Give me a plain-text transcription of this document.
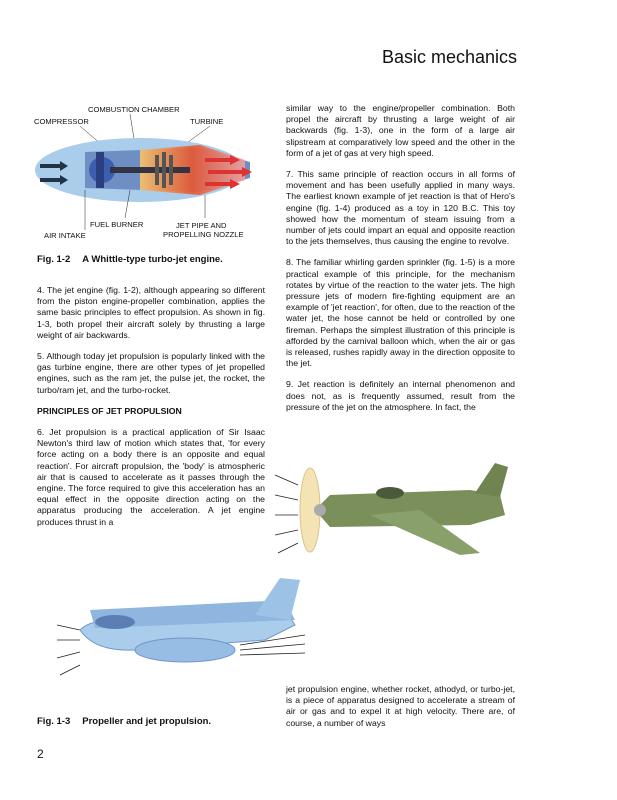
Basic mechanics
COMBUSTION CHAMBER
COMPRESSOR	TURBINE
FUEL BURNER	JET PIPE AND
AIR INTAKE	PROPELLING NOZZLE
Fig. 1-2 A Whittle-type turbo-jet engine.

4. The jet engine (fig. 1-2), although appearing so different from the piston engine-propeller combination, applies the same basic principles to effect propulsion. As shown in fig. 1-3, both propel their aircraft solely by thrusting a large weight of air backwards.

5. Although today jet propulsion is popularly linked with the gas turbine engine, there are other types of jet propelled engines, such as the ram jet, the pulse jet, the rocket, the turbo/ram jet, and the turbo-rocket.

PRINCIPLES OF JET PROPULSION

6. Jet propulsion is a practical application of Sir Isaac Newton's third law of motion which states that, 'for every force acting on a body there is an opposite and equal reaction'. For aircraft propulsion, the 'body' is atmospheric air that is caused to accelerate as it passes through the engine. The force required to give this acceleration has an equal effect in the opposite direction acting on the apparatus producing the acceleration. A jet engine produces thrust in a

similar way to the engine/propeller combination. Both propel the aircraft by thrusting a large weight of air backwards (fig. 1-3), one in the form of a large air slipstream at comparatively low speed and the other in the form of a jet of gas at very high speed.

7. This same principle of reaction occurs in all forms of movement and has been usefully applied in many ways. The earliest known example of jet reaction is that of Hero's engine (fig. 1-4) produced as a toy in 120 B.C. This toy showed how the momentum of steam issuing from a number of jets could impart an equal and opposite reaction to the jets themselves, thus causing the engine to revolve.

8. The familiar whirling garden sprinkler (fig. 1-5) is a more practical example of this principle, for the mechanism rotates by virtue of the reaction to the water jets. The high pressure jets of modern fire-fighting equipment are an example of 'jet reaction', for often, due to the reaction of the water jet, the hose cannot be held or controlled by one fireman. Perhaps the simplest illustration of this principle is afforded by the carnival balloon which, when the air or gas is released, rushes rapidly away in the direction opposite to the jet.

9. Jet reaction is definitely an internal phenomenon and does not, as is frequently assumed, result from the pressure of the jet on the atmosphere. In fact, the

jet propulsion engine, whether rocket, athodyd, or turbo-jet, is a piece of apparatus designed to accelerate a stream of air or gas and to expel it at high velocity. There are, of course, a number of ways

Fig. 1-3 Propeller and jet propulsion.
2
